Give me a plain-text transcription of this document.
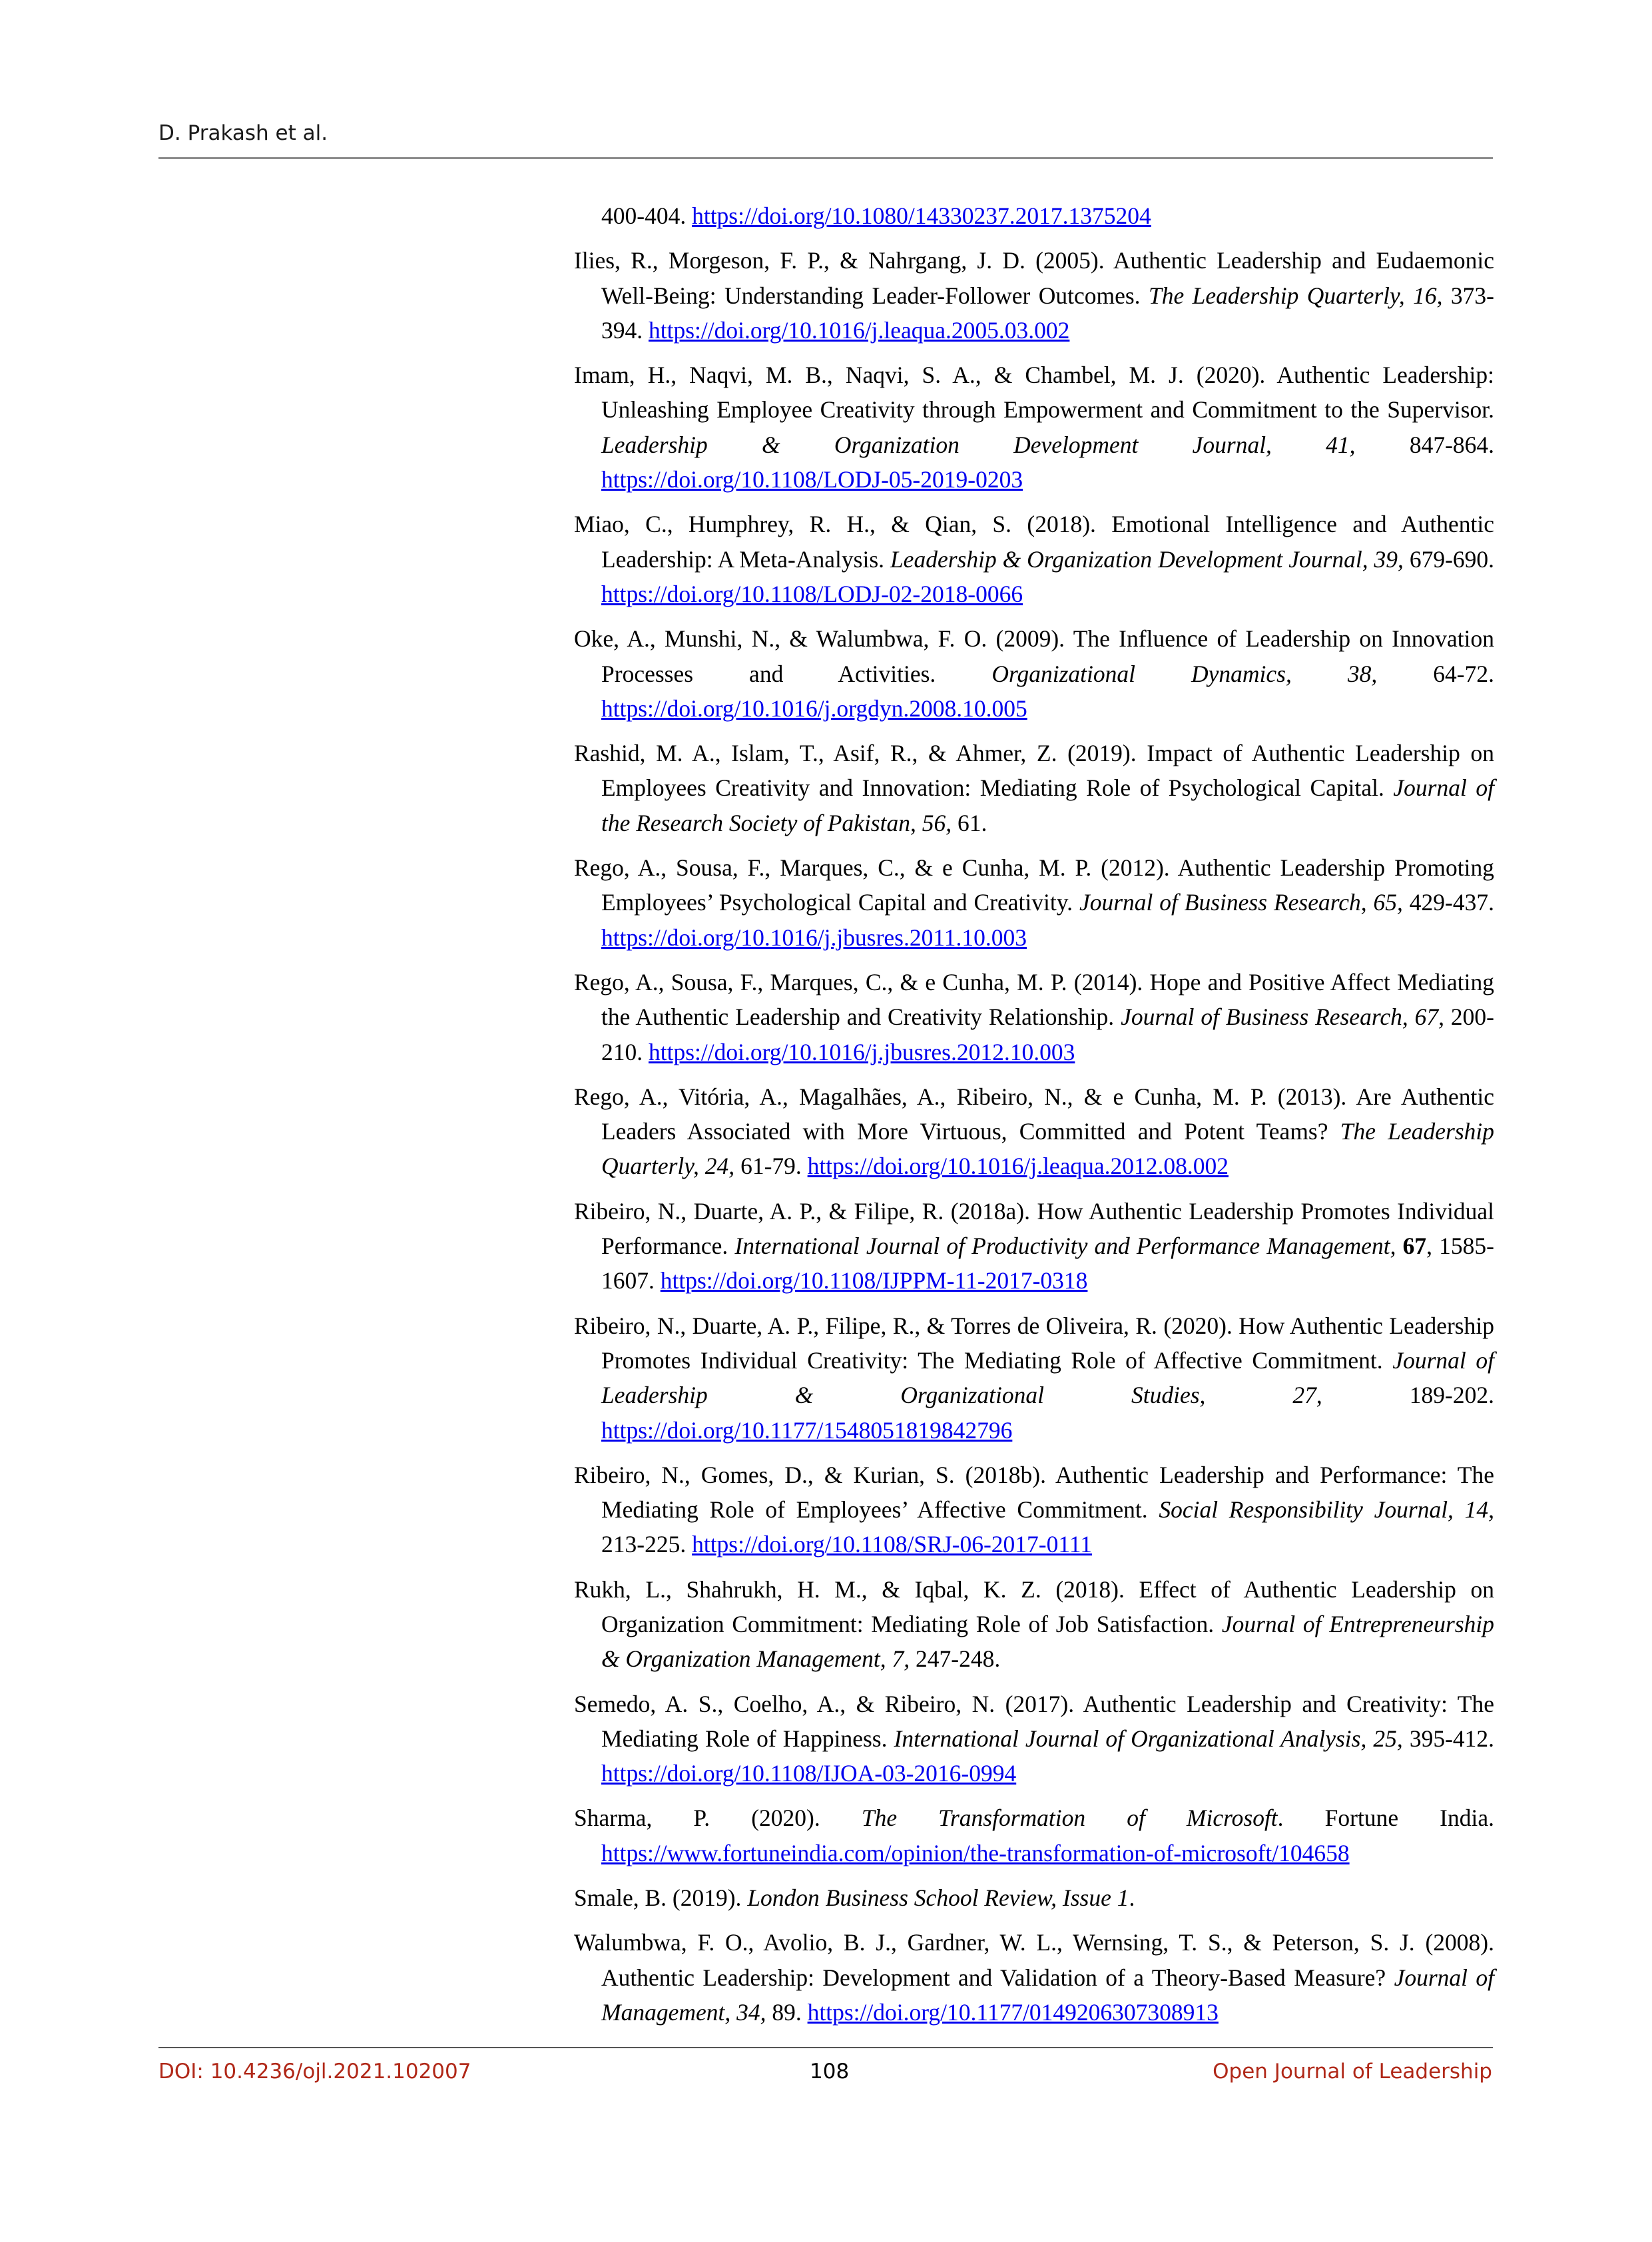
D. Prakash et al.

400-404. https://doi.org/10.1080/14330237.2017.1375204

Ilies, R., Morgeson, F. P., & Nahrgang, J. D. (2005). Authentic Leadership and Eudaemonic Well-Being: Understanding Leader-Follower Outcomes. The Leadership Quarterly, 16, 373-394. https://doi.org/10.1016/j.leaqua.2005.03.002

Imam, H., Naqvi, M. B., Naqvi, S. A., & Chambel, M. J. (2020). Authentic Leadership: Unleashing Employee Creativity through Empowerment and Commitment to the Supervisor. Leadership & Organization Development Journal, 41, 847-864. https://doi.org/10.1108/LODJ-05-2019-0203

Miao, C., Humphrey, R. H., & Qian, S. (2018). Emotional Intelligence and Authentic Leadership: A Meta-Analysis. Leadership & Organization Development Journal, 39, 679-690. https://doi.org/10.1108/LODJ-02-2018-0066

Oke, A., Munshi, N., & Walumbwa, F. O. (2009). The Influence of Leadership on Innovation Processes and Activities. Organizational Dynamics, 38, 64-72. https://doi.org/10.1016/j.orgdyn.2008.10.005

Rashid, M. A., Islam, T., Asif, R., & Ahmer, Z. (2019). Impact of Authentic Leadership on Employees Creativity and Innovation: Mediating Role of Psychological Capital. Journal of the Research Society of Pakistan, 56, 61.

Rego, A., Sousa, F., Marques, C., & e Cunha, M. P. (2012). Authentic Leadership Promoting Employees’ Psychological Capital and Creativity. Journal of Business Research, 65, 429-437. https://doi.org/10.1016/j.jbusres.2011.10.003

Rego, A., Sousa, F., Marques, C., & e Cunha, M. P. (2014). Hope and Positive Affect Mediating the Authentic Leadership and Creativity Relationship. Journal of Business Research, 67, 200-210. https://doi.org/10.1016/j.jbusres.2012.10.003

Rego, A., Vitória, A., Magalhães, A., Ribeiro, N., & e Cunha, M. P. (2013). Are Authentic Leaders Associated with More Virtuous, Committed and Potent Teams? The Leadership Quarterly, 24, 61-79. https://doi.org/10.1016/j.leaqua.2012.08.002

Ribeiro, N., Duarte, A. P., & Filipe, R. (2018a). How Authentic Leadership Promotes Individual Performance. International Journal of Productivity and Performance Management, 67, 1585-1607. https://doi.org/10.1108/IJPPM-11-2017-0318

Ribeiro, N., Duarte, A. P., Filipe, R., & Torres de Oliveira, R. (2020). How Authentic Leadership Promotes Individual Creativity: The Mediating Role of Affective Commitment. Journal of Leadership & Organizational Studies, 27,	189-202. https://doi.org/10.1177/1548051819842796

Ribeiro, N., Gomes, D., & Kurian, S. (2018b). Authentic Leadership and Performance: The Mediating Role of Employees’ Affective Commitment. Social Responsibility Journal, 14, 213-225. https://doi.org/10.1108/SRJ-06-2017-0111

Rukh, L., Shahrukh, H. M., & Iqbal, K. Z. (2018). Effect of Authentic Leadership on Organization Commitment: Mediating Role of Job Satisfaction. Journal of Entrepreneurship & Organization Management, 7, 247-248.

Semedo, A. S., Coelho, A., & Ribeiro, N. (2017). Authentic Leadership and Creativity: The Mediating Role of Happiness. International Journal of Organizational Analysis, 25, 395-412. https://doi.org/10.1108/IJOA-03-2016-0994

Sharma, P. (2020). The Transformation of Microsoft. Fortune India. https://www.fortuneindia.com/opinion/the-transformation-of-microsoft/104658

Smale, B. (2019). London Business School Review, Issue 1.

Walumbwa, F. O., Avolio, B. J., Gardner, W. L., Wernsing, T. S., & Peterson, S. J. (2008). Authentic Leadership: Development and Validation of a Theory-Based Measure? Journal of Management, 34, 89. https://doi.org/10.1177/0149206307308913

DOI: 10.4236/ojl.2021.102007	108	Open Journal of Leadership
